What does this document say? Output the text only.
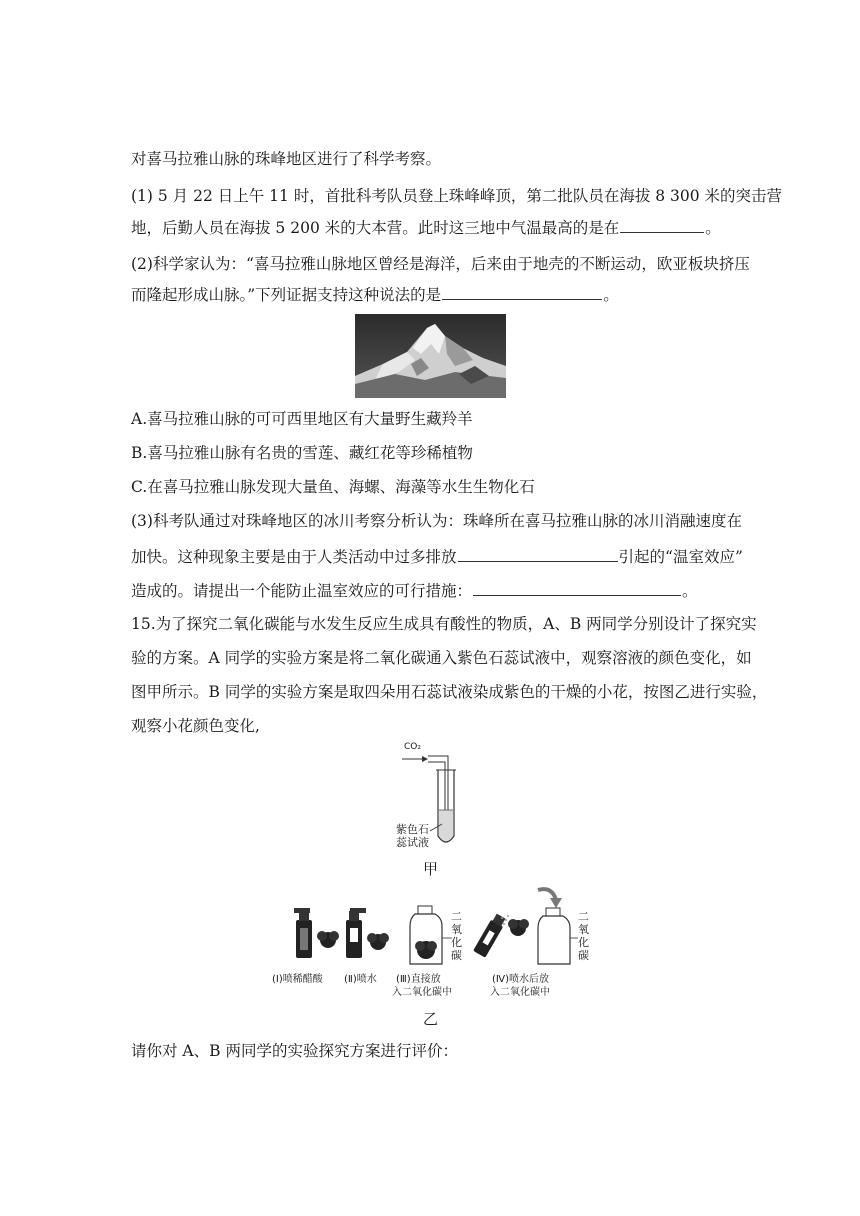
对喜马拉雅山脉的珠峰地区进行了科学考察。
(1) 5 月 22 日上午 11 时，首批科考队员登上珠峰峰顶，第二批队员在海拔 8 300 米的突击营
地，后勤人员在海拔 5 200 米的大本营。此时这三地中气温最高的是在	。
(2)科学家认为：“喜马拉雅山脉地区曾经是海洋，后来由于地壳的不断运动，欧亚板块挤压
而隆起形成山脉。”下列证据支持这种说法的是	。
A.喜马拉雅山脉的可可西里地区有大量野生藏羚羊
B.喜马拉雅山脉有名贵的雪莲、藏红花等珍稀植物
C.在喜马拉雅山脉发现大量鱼、海螺、海藻等水生生物化石
(3)科考队通过对珠峰地区的冰川考察分析认为：珠峰所在喜马拉雅山脉的冰川消融速度在
加快。这种现象主要是由于人类活动中过多排放	引起的“温室效应”
造成的。请提出一个能防止温室效应的可行措施：	。
15.为了探究二氧化碳能与水发生反应生成具有酸性的物质，A、B 两同学分别设计了探究实
验的方案。A 同学的实验方案是将二氧化碳通入紫色石蕊试液中，观察溶液的颜色变化，如
图甲所示。B 同学的实验方案是取四朵用石蕊试液染成紫色的干燥的小花，按图乙进行实验，
观察小花颜色变化,
CO₂
紫色石
蕊试液
甲
二
氧
化
碳
二
氧
化
碳
(Ⅰ)喷稀醋酸 (Ⅱ)喷水 (Ⅲ)直接放
入二氧化碳中
(Ⅳ)喷水后放
入二氧化碳中
乙
请你对 A、B 两同学的实验探究方案进行评价：
